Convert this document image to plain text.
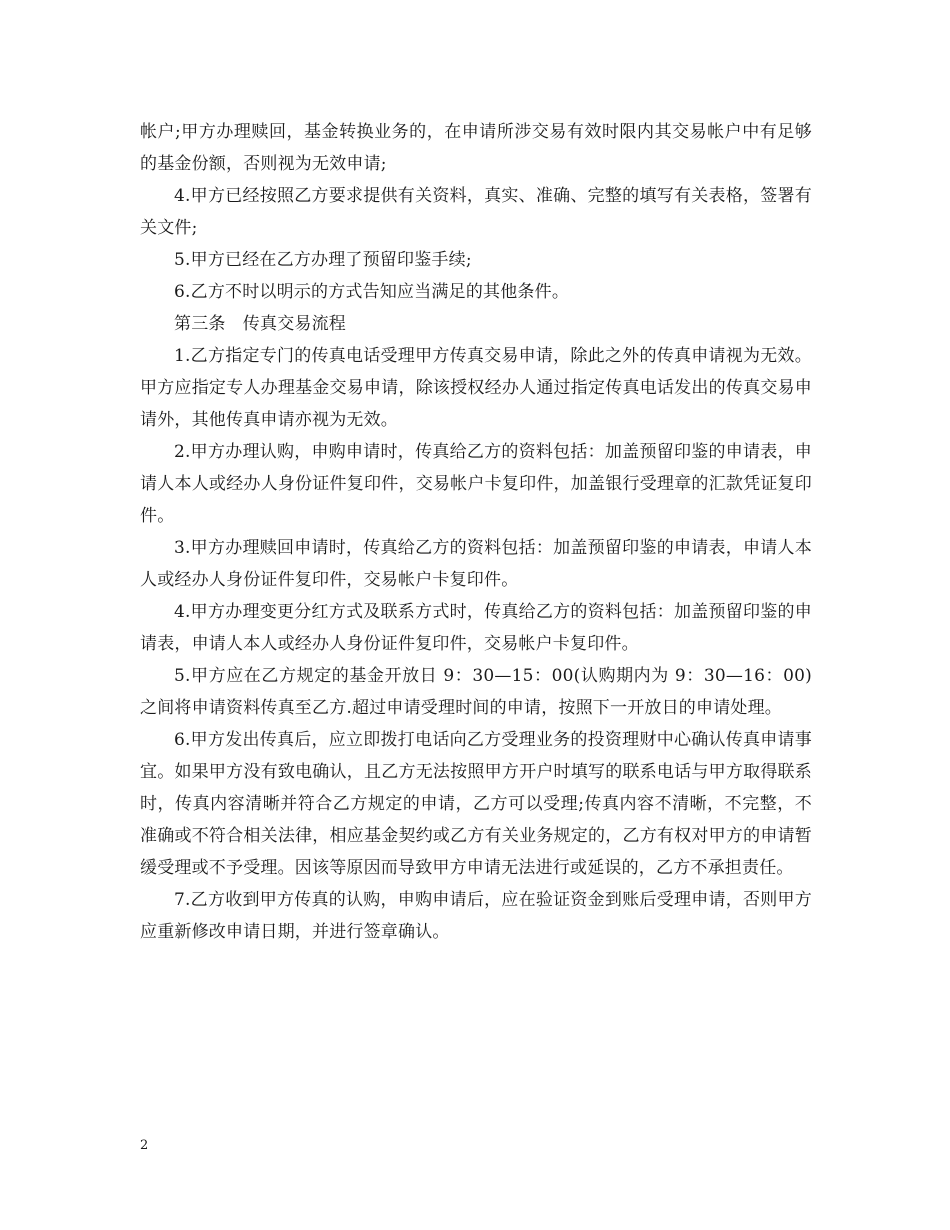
帐户;甲方办理赎回，基金转换业务的，在申请所涉交易有效时限内其交易帐户中有足够的基金份额，否则视为无效申请;

4.甲方已经按照乙方要求提供有关资料，真实、准确、完整的填写有关表格，签署有关文件;

5.甲方已经在乙方办理了预留印鉴手续;

6.乙方不时以明示的方式告知应当满足的其他条件。

第三条　传真交易流程

1.乙方指定专门的传真电话受理甲方传真交易申请，除此之外的传真申请视为无效。甲方应指定专人办理基金交易申请，除该授权经办人通过指定传真电话发出的传真交易申请外，其他传真申请亦视为无效。

2.甲方办理认购，申购申请时，传真给乙方的资料包括：加盖预留印鉴的申请表，申请人本人或经办人身份证件复印件，交易帐户卡复印件，加盖银行受理章的汇款凭证复印件。

3.甲方办理赎回申请时，传真给乙方的资料包括：加盖预留印鉴的申请表，申请人本人或经办人身份证件复印件，交易帐户卡复印件。

4.甲方办理变更分红方式及联系方式时，传真给乙方的资料包括：加盖预留印鉴的申请表，申请人本人或经办人身份证件复印件，交易帐户卡复印件。

5.甲方应在乙方规定的基金开放日 9：30—15：00(认购期内为 9：30—16：00)之间将申请资料传真至乙方.超过申请受理时间的申请，按照下一开放日的申请处理。

6.甲方发出传真后，应立即拨打电话向乙方受理业务的投资理财中心确认传真申请事宜。如果甲方没有致电确认，且乙方无法按照甲方开户时填写的联系电话与甲方取得联系时，传真内容清晰并符合乙方规定的申请，乙方可以受理;传真内容不清晰，不完整，不准确或不符合相关法律，相应基金契约或乙方有关业务规定的，乙方有权对甲方的申请暂缓受理或不予受理。因该等原因而导致甲方申请无法进行或延误的，乙方不承担责任。

7.乙方收到甲方传真的认购，申购申请后，应在验证资金到账后受理申请，否则甲方应重新修改申请日期，并进行签章确认。

2
